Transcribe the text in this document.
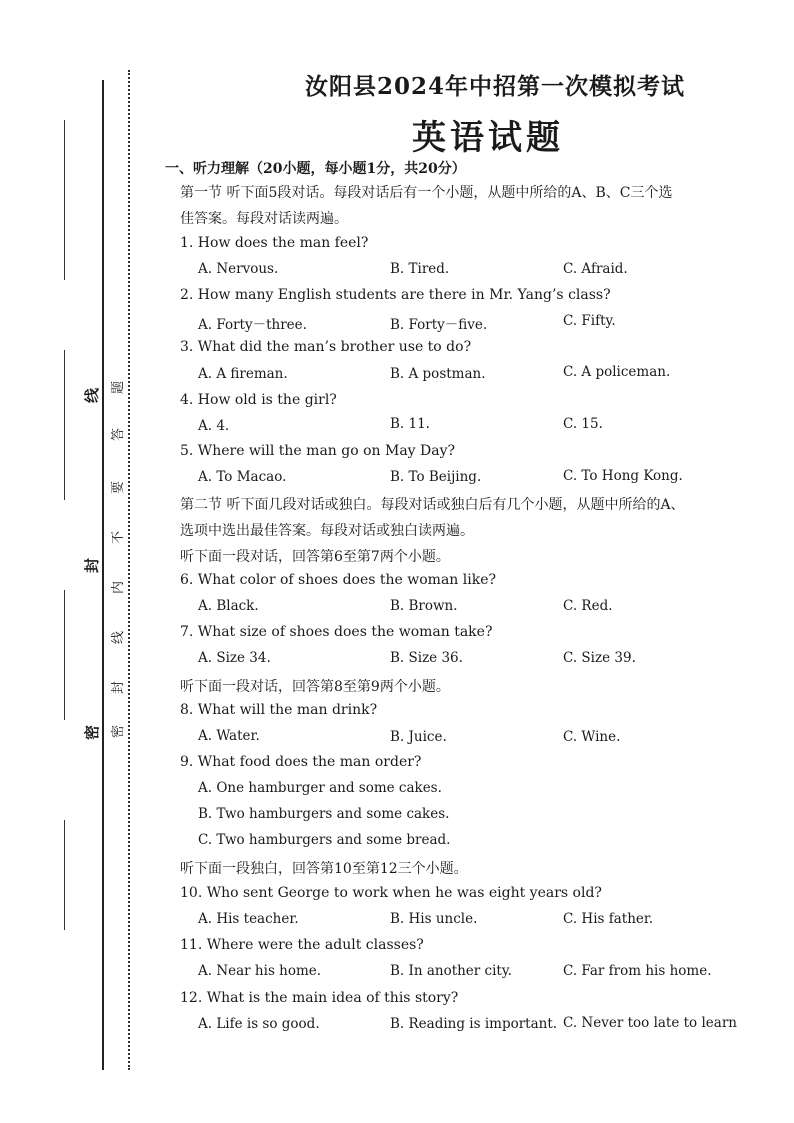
线
封
密
题
答
要
不
内
线
封
密
汝阳县2024年中招第一次模拟考试
英语试题
一、听力理解（20小题，每小题1分，共20分）
第一节 听下面5段对话。每段对话后有一个小题，从题中所给的A、B、C三个选
佳答案。每段对话读两遍。
1. How does the man feel?
A. Nervous.	B. Tired.	C. Afraid.
2. How many English students are there in Mr. Yang’s class?
A. Forty－three.	B. Forty－five.	C. Fifty.
3. What did the man’s brother use to do?
A. A fireman.	B. A postman.	C. A policeman.
4. How old is the girl?
A. 4.	B. 11.	C. 15.
5. Where will the man go on May Day?
A. To Macao.	B. To Beijing.	C. To Hong Kong.
第二节 听下面几段对话或独白。每段对话或独白后有几个小题，从题中所给的A、
选项中选出最佳答案。每段对话或独白读两遍。
听下面一段对话，回答第6至第7两个小题。
6. What color of shoes does the woman like?
A. Black.	B. Brown.	C. Red.
7. What size of shoes does the woman take?
A. Size 34.	B. Size 36.	C. Size 39.
听下面一段对话，回答第8至第9两个小题。
8. What will the man drink?
A. Water.	B. Juice.	C. Wine.
9. What food does the man order?
A. One hamburger and some cakes.
B. Two hamburgers and some cakes.
C. Two hamburgers and some bread.
听下面一段独白，回答第10至第12三个小题。
10. Who sent George to work when he was eight years old?
A. His teacher.	B. His uncle.	C. His father.
11. Where were the adult classes?
A. Near his home.	B. In another city.	C. Far from his home.
12. What is the main idea of this story?
A. Life is so good.	B. Reading is important. C. Never too late to learn
